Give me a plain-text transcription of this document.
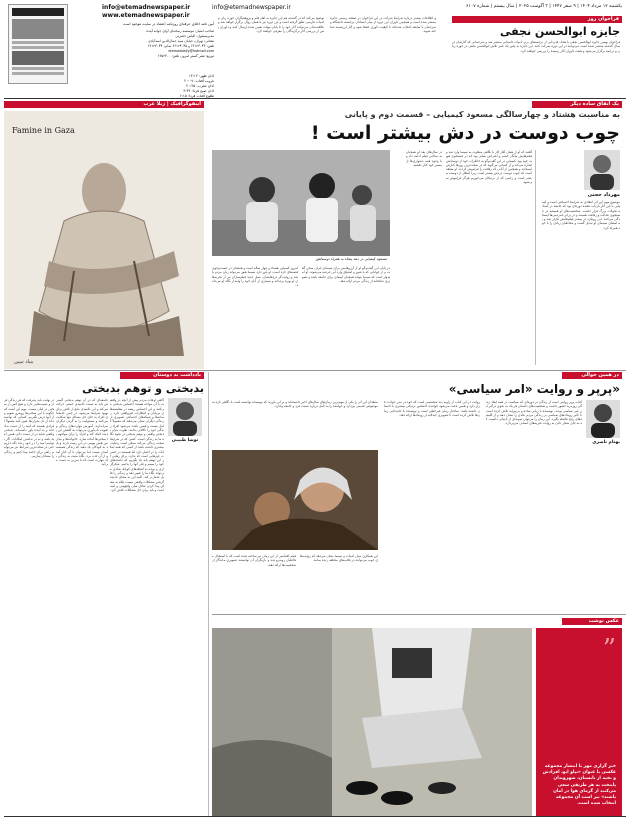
info@etemadnewspaper.ir
www.etemadnewspaper.ir
info@etemadnewspaper.ir	یکشنبه ۱۲ مرداد ۱۴۰۴ | ۹ صفر ۱۴۴۷ | ۳ آگوست ۲۰۲۵ | سال بیستم | شماره ۶۱۰۷
آیین نامه اخلاق حرفه‌ای روزنامه اعتماد در سایت موجود است
صاحب امتیاز: موسسه رسانه‌ای آوای جوانه آینده
مدیرمسئول: الیاس حضرتی
نشانی: تهران، خیابان سید جمال‌الدین اسدآبادی
تلفن: ۶۶۱۲۳۰۴۳ و ۶۶۱۲۳۰۴۵ نمابر: ۶۶۱۲۳۰۴۴
etemaddaily@hotmail.com
توزیع: نشر گستر امروز، تلفن: ۶۶۵۲۳۰۰
اذان ظهر: ۱۳:۱۲
غروب آفتاب: ۲۰:۰۷
اذان مغرب: ۲۰:۲۵
اذان صبح فردا: ۴:۴۹
طلوع آفتاب فردا: ۶:۱۵
توضیح می‌کند که در گذشته هم این جایزه به اهل قلم و پژوهشگران حوزه زبان و ادبیات فارسی تعلق گرفته است و این دوره نیز با همان روال برگزار خواهد شد و علاقه‌مندان می‌توانند آثار خود را تا پایان مهلت تعیین شده ارسال کنند و داوران پس از بررسی آثار برگزیدگان را معرفی خواهند کرد.
و اطلاعات بیشتر درباره شرایط شرکت در این فراخوان در صفحه رسمی جایزه منتشر شده است و همچنین داوران این دوره از میان استادان برجسته دانشگاه و مترجمان با سابقه انتخاب شده‌اند تا کیفیت داوری حفظ شود و آثار ارزشمند شناخته شوند.
فراخوان روز
جایزه ابوالحسن نجفی
فراخوان نهمین جایزه ابوالحسن نجفی با هدف قدردانی از ترجمه‌های برتر ادبیات داستانی منتشر شد و مترجمانی که آثارشان در سال گذشته منتشر شده است می‌توانند در این دوره شرکت کنند. این جایزه به پاس یک عمر تلاش ابوالحسن نجفی در حوزه زبان و ترجمه برگزار می‌شود و هیئت داوران آثار رسیده را بررسی خواهند کرد.
اینفوگرافیک | ژیلا غرب
Famine in Gaza
بنیاد تبیین
یک اتفاق ساده دیگر
به مناسبت هشتاد و چهارسالگی مسعود کیمیایی – قسمت دوم و پایانی
چوب دوست در دش بیشتر است !
مهرداد حجتی
موضوع مهم این اثر انتقادی به شرایط اجتماعی است و کیمیایی با این آثار بازتاب دهنده دوره‌ای بود که جامعه در آستانه تحولات بزرگ قرار داشت. شخصیت‌های او همیشه در جستجوی عدالت و رفاقت هستند و در برابر نامردمی‌ها ایستادگی می‌کنند. این رویکرد در بیشتر فیلم‌هایش تکرار شد و به امضای سینمای او تبدیل گشت و مخاطبان زیادی را با خود همراه کرد.
گفتند که او از همان آغاز کار با نگاهی متفاوت به سینما وارد شد و فیلم‌هایش بیانگر خشم و اعتراض نسلی بود که در جستجوی هویت خود بود. کیمیایی در این گفت‌وگو به خاطرات خود از دوستانش اشاره می‌کند و از کسانی می‌گوید که در سخت‌ترین روزها کنارش ایستادند و همچنین از آنانی که رفاقت را فراموش کردند. او معتقد است که چوب دوست دردش بیشتر است زیرا انتظار از دوست بیشتر است و زخمی که از نزدیکان می‌خوریم هرگز فراموش نمی‌شود.
در سال‌های بعد او همچنان به ساختن فیلم ادامه داد و با وجود همه دشواری‌ها از مسیر خود کنار نکشید.
مسعود کیمیایی در دهه پنجاه به همراه دوستانش
امروز کیمیایی هشتاد و چهار ساله است و همچنان در جست‌وجوی قصه‌های تازه است. او باور دارد سینما هنوز می‌تواند زبان مردم باشد و روایت‌گر دردهایشان. نسل جدید فیلم‌سازان نیز از تجربه‌های او بهره برده‌اند و بسیاری از آنان خود را وامدار نگاه او می‌دانند.
در پایان این گفت‌وگو او از آرزوهایش برای سینمای ایران سخن گفت و از جوانانی که با شور و اشتیاق وارد این عرصه می‌شوند. او امیدوار است که سینما بتواند همچنان آیینه‌ای برای جامعه باشد و تصویری صادقانه از زندگی مردم ارائه دهد.
یادداشت بد دوستان
بدبختی و توهم بدبختی
نوشا طبیبی
گاهی اوقات مردم بیش از آنچه در واقعیت با آن مواجه هستند احساس بدبختی می‌کنند و این احساس ریشه در مقایسه‌های بی‌پایان و انتظارات غیرواقعی دارد. رسانه‌ها و شبکه‌های اجتماعی تصویری از زندگی دیگران نشان می‌دهند که معمولاً کامل نیست و همین باعث می‌شود افراد زندگی خود را ناکافی بدانند. تفاوت میان بدبختی واقعی و توهم بدبختی در نحوه نگاه ما به زندگی است. کسی که در شرایط سخت زندگی می‌کند ممکن است رضایت بیشتری داشته باشد از کسی که همه امکانات را در اختیار دارد اما همیشه در حسرت چیزهایی است که ندارد. برای رهایی از این توهم باید یاد بگیریم که داشته‌های خود را ببینیم و قدر آنها را بدانیم. شکرگزاری و توجه به لحظه‌های کوچک شادی می‌تواند نگاه ما را تغییر دهد و زندگی را قابل تحمل‌تر کند. البته این به معنای نادیده گرفتن مشکلات واقعی نیست بلکه به معنای پیدا کردن تعادل میان واقع‌بینی و امید است و باید برای حل مشکلات تلاش کرد.
جامعه‌ای که در آن توهم بدبختی گسترش یابد به سمت ناامیدی جمعی حرکت می‌کند و این ناامیدی مانع از تلاش برای بهبود شرایط می‌شود. در چنین جامعه‌ای افراد به جای حل مسائل تنها شکایت می‌کنند و مسئولیت را به گردن دیگران می‌اندازند. آموزش مهارت‌های زندگی و تقویت تاب‌آوری می‌تواند به کاهش این پدیده کمک کند و افراد را برای مواجهه با سختی‌ها آماده سازد. خانواده‌ها و مدارس نقش مهمی در این زمینه دارند و باید به کودکان یاد دهند که زندگی همیشه آسان نیست اما می‌توان با آن کنار آمد و از آن لذت برد. نگاه مثبت به زندگی یک مهارت است که با تمرین به دست می‌آید.
در نهایت باید پذیرفت که هر زندگی فراز و نشیب‌هایی دارد و هیچ کس از سختی در امان نیست. مهم این است که چگونه با این سختی‌ها روبه‌رو شویم و از آنها درس بگیریم. کسانی که توانسته‌اند از دل بحران‌ها عبور کنند معمولاً افرادی هستند که امید را از دست نداده‌اند و به آینده باور داشته‌اند. بدبختی واقعی شاید در از دست دادن همین امید باشد و نه در نداشتن امکانات. اگر بتوانیم امید را در خود زنده نگه داریم حتی در سخت‌ترین شرایط نیز می‌توانیم راهی برای ادامه پیدا کنیم و زندگی را معنادار سازیم.
در همین حوالی
«پرپر و روایت «امر سیاسی»
بهنام ناصری
کتاب پرپر روایتی است از زندگی در دوره‌ای که سیاست در همه ابعاد زندگی روزمره حضور داشت و شخصیت‌های داستان هر یک به نحوی درگیر این امر سیاسی بودند. نویسنده با زبانی ساده و بی‌پیرایه تلاش کرده است تا تأثیر رویدادهای سیاسی بر زندگی مردم عادی را نشان دهد و از کلیشه‌های رایج فاصله بگیرد. این رمان را می‌توان نمونه‌ای از ادبیاتی دانست که به جای شعار دادن به روایت تجربه‌های انسانی می‌پردازد.
روایت در این کتاب از زاویه دید شخصیتی است که خود در متن حوادث قرار دارد و همین باعث می‌شود خواننده احساس نزدیکی بیشتری با داستان داشته باشد. ساختار رمان غیرخطی است و نویسنده با جابه‌جایی زمان‌ها تلاش کرده است تا تصویری چندلایه از رویدادها ارائه دهد.
منتقدان این اثر را یکی از مهم‌ترین رمان‌های سال‌های اخیر دانسته‌اند و بر این باورند که نویسنده توانسته است با نگاهی تازه به موضوعی قدیمی بپردازد و خواننده را به تأمل درباره نسبت فرد و جامعه وادارد.
فیلم اقتباسی از این رمان نیز ساخته شده است که با استقبال مخاطبان روبه‌رو شد و بازیگران آن توانستند تصویری ماندگار از شخصیت‌ها ارائه دهند.
این همکاری میان ادبیات و سینما نشان می‌دهد که روایت‌های خوب می‌توانند در قالب‌های مختلف زنده بمانند.
عکس نوشت
”
خبر گزاری مهر با انتشار مجموعه عکسی با عنوان «تپاو ابو، افرادش و نخبه از تابستان، شهروندان پایتخت به هر طریقی سعی می‌کنند از گرمای هوا در امان باشند» نیز است آن مجموعه انتخاب شده است.
